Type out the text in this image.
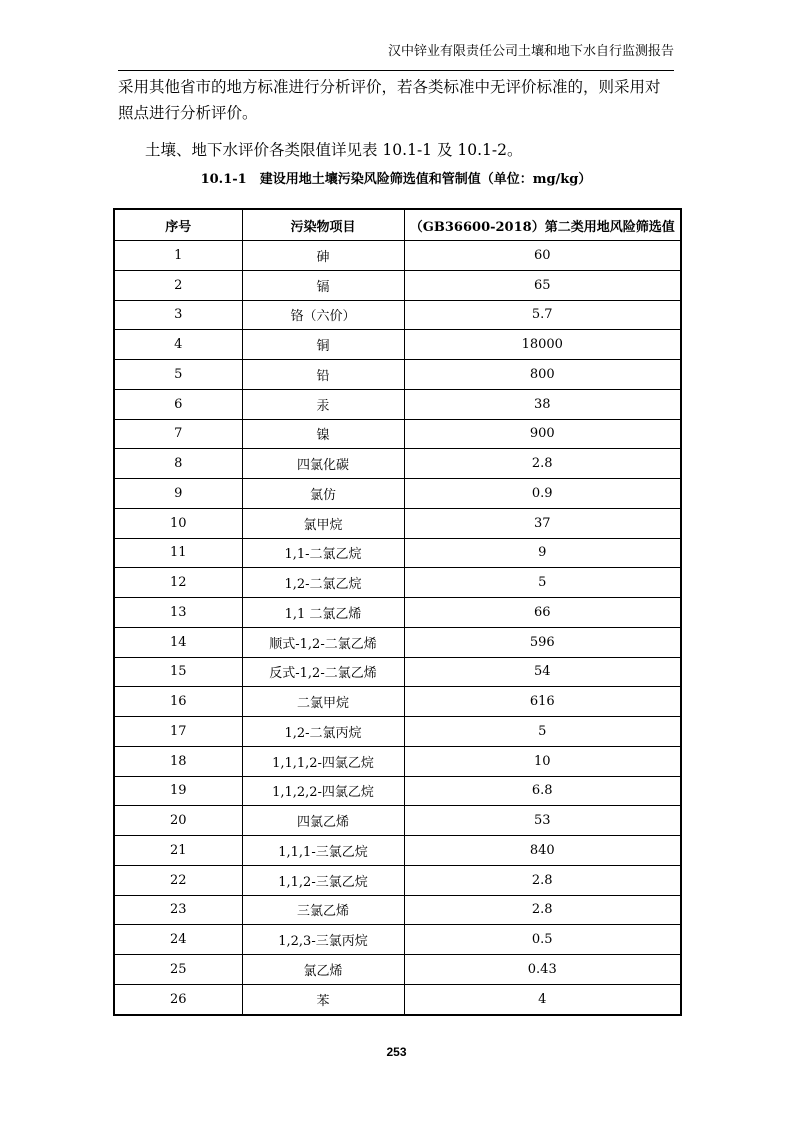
汉中锌业有限责任公司土壤和地下水自行监测报告
采用其他省市的地方标准进行分析评价，若各类标准中无评价标准的，则采用对
照点进行分析评价。
土壤、地下水评价各类限值详见表 10.1-1 及 10.1-2。
10.1-1　建设用地土壤污染风险筛选值和管制值（单位：mg/kg）
序号	污染物项目	（GB36600-2018）第二类用地风险筛选值
1	砷	60
2	镉	65
3	铬（六价）	5.7
4	铜	18000
5	铅	800
6	汞	38
7	镍	900
8	四氯化碳	2.8
9	氯仿	0.9
10	氯甲烷	37
11	1,1-二氯乙烷	9
12	1,2-二氯乙烷	5
13	1,1 二氯乙烯	66
14	顺式-1,2-二氯乙烯	596
15	反式-1,2-二氯乙烯	54
16	二氯甲烷	616
17	1,2-二氯丙烷	5
18	1,1,1,2-四氯乙烷	10
19	1,1,2,2-四氯乙烷	6.8
20	四氯乙烯	53
21	1,1,1-三氯乙烷	840
22	1,1,2-三氯乙烷	2.8
23	三氯乙烯	2.8
24	1,2,3-三氯丙烷	0.5
25	氯乙烯	0.43
26	苯	4
253
